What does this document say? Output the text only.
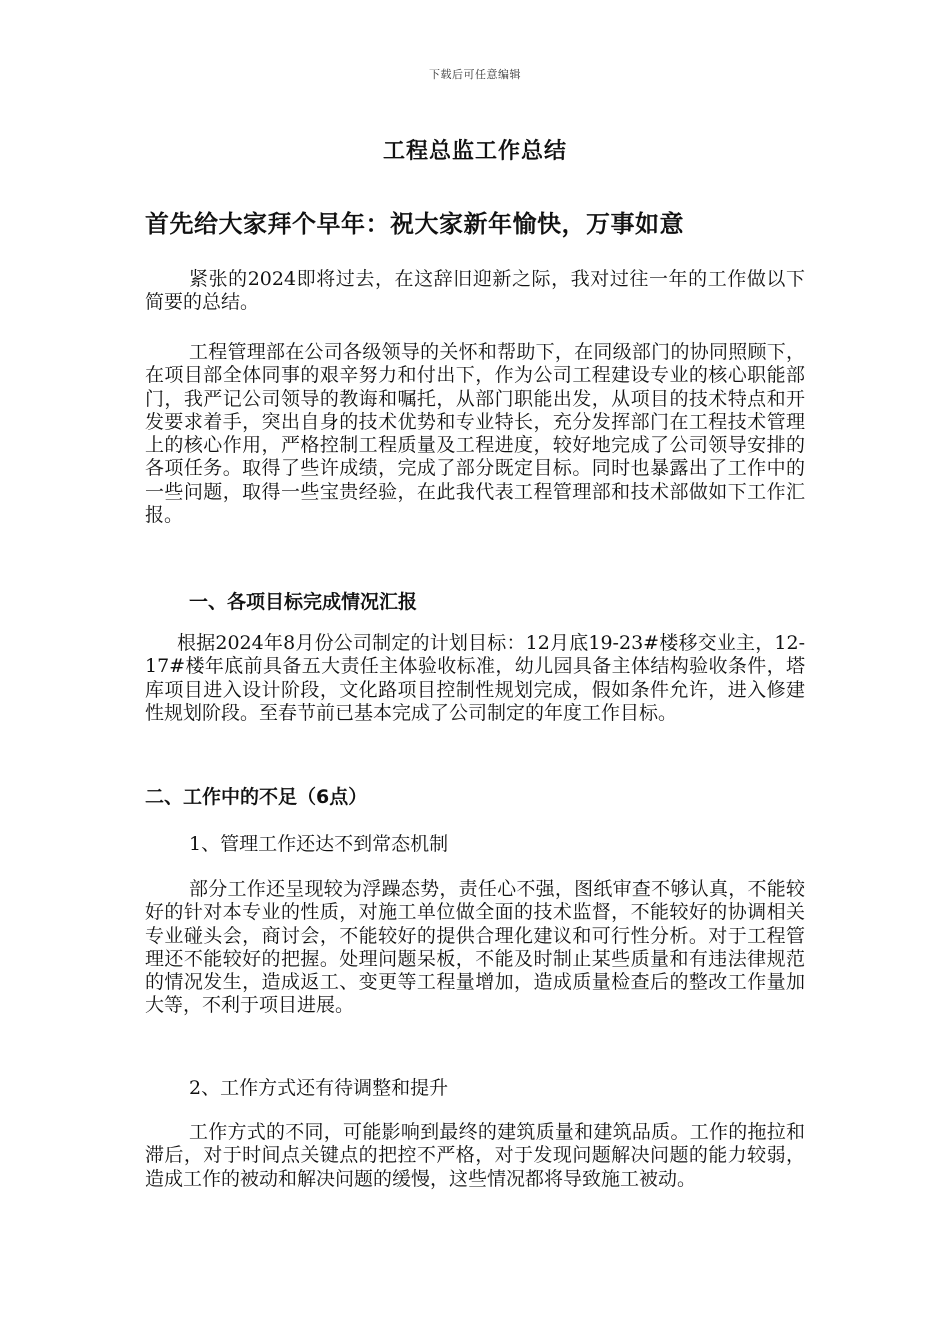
下载后可任意编辑
工程总监工作总结
首先给大家拜个早年：祝大家新年愉快，万事如意

紧张的2024即将过去，在这辞旧迎新之际，我对过往一年的工作做以下简要的总结。

工程管理部在公司各级领导的关怀和帮助下，在同级部门的协同照顾下，在项目部全体同事的艰辛努力和付出下，作为公司工程建设专业的核心职能部门，我严记公司领导的教诲和嘱托，从部门职能出发，从项目的技术特点和开发要求着手，突出自身的技术优势和专业特长，充分发挥部门在工程技术管理上的核心作用，严格控制工程质量及工程进度，较好地完成了公司领导安排的各项任务。取得了些许成绩，完成了部分既定目标。同时也暴露出了工作中的一些问题，取得一些宝贵经验，在此我代表工程管理部和技术部做如下工作汇报。

一、各项目标完成情况汇报

根据2024年8月份公司制定的计划目标：12月底19-23#楼移交业主，12-17#楼年底前具备五大责任主体验收标准，幼儿园具备主体结构验收条件，塔库项目进入设计阶段，文化路项目控制性规划完成，假如条件允许，进入修建性规划阶段。至春节前已基本完成了公司制定的年度工作目标。

二、工作中的不足（6点）
1、管理工作还达不到常态机制

部分工作还呈现较为浮躁态势，责任心不强，图纸审查不够认真，不能较好的针对本专业的性质，对施工单位做全面的技术监督，不能较好的协调相关专业碰头会，商讨会，不能较好的提供合理化建议和可行性分析。对于工程管理还不能较好的把握。处理问题呆板，不能及时制止某些质量和有违法律规范的情况发生，造成返工、变更等工程量增加，造成质量检查后的整改工作量加大等，不利于项目进展。

2、工作方式还有待调整和提升

工作方式的不同，可能影响到最终的建筑质量和建筑品质。工作的拖拉和滞后，对于时间点关键点的把控不严格，对于发现问题解决问题的能力较弱，造成工作的被动和解决问题的缓慢，这些情况都将导致施工被动。
